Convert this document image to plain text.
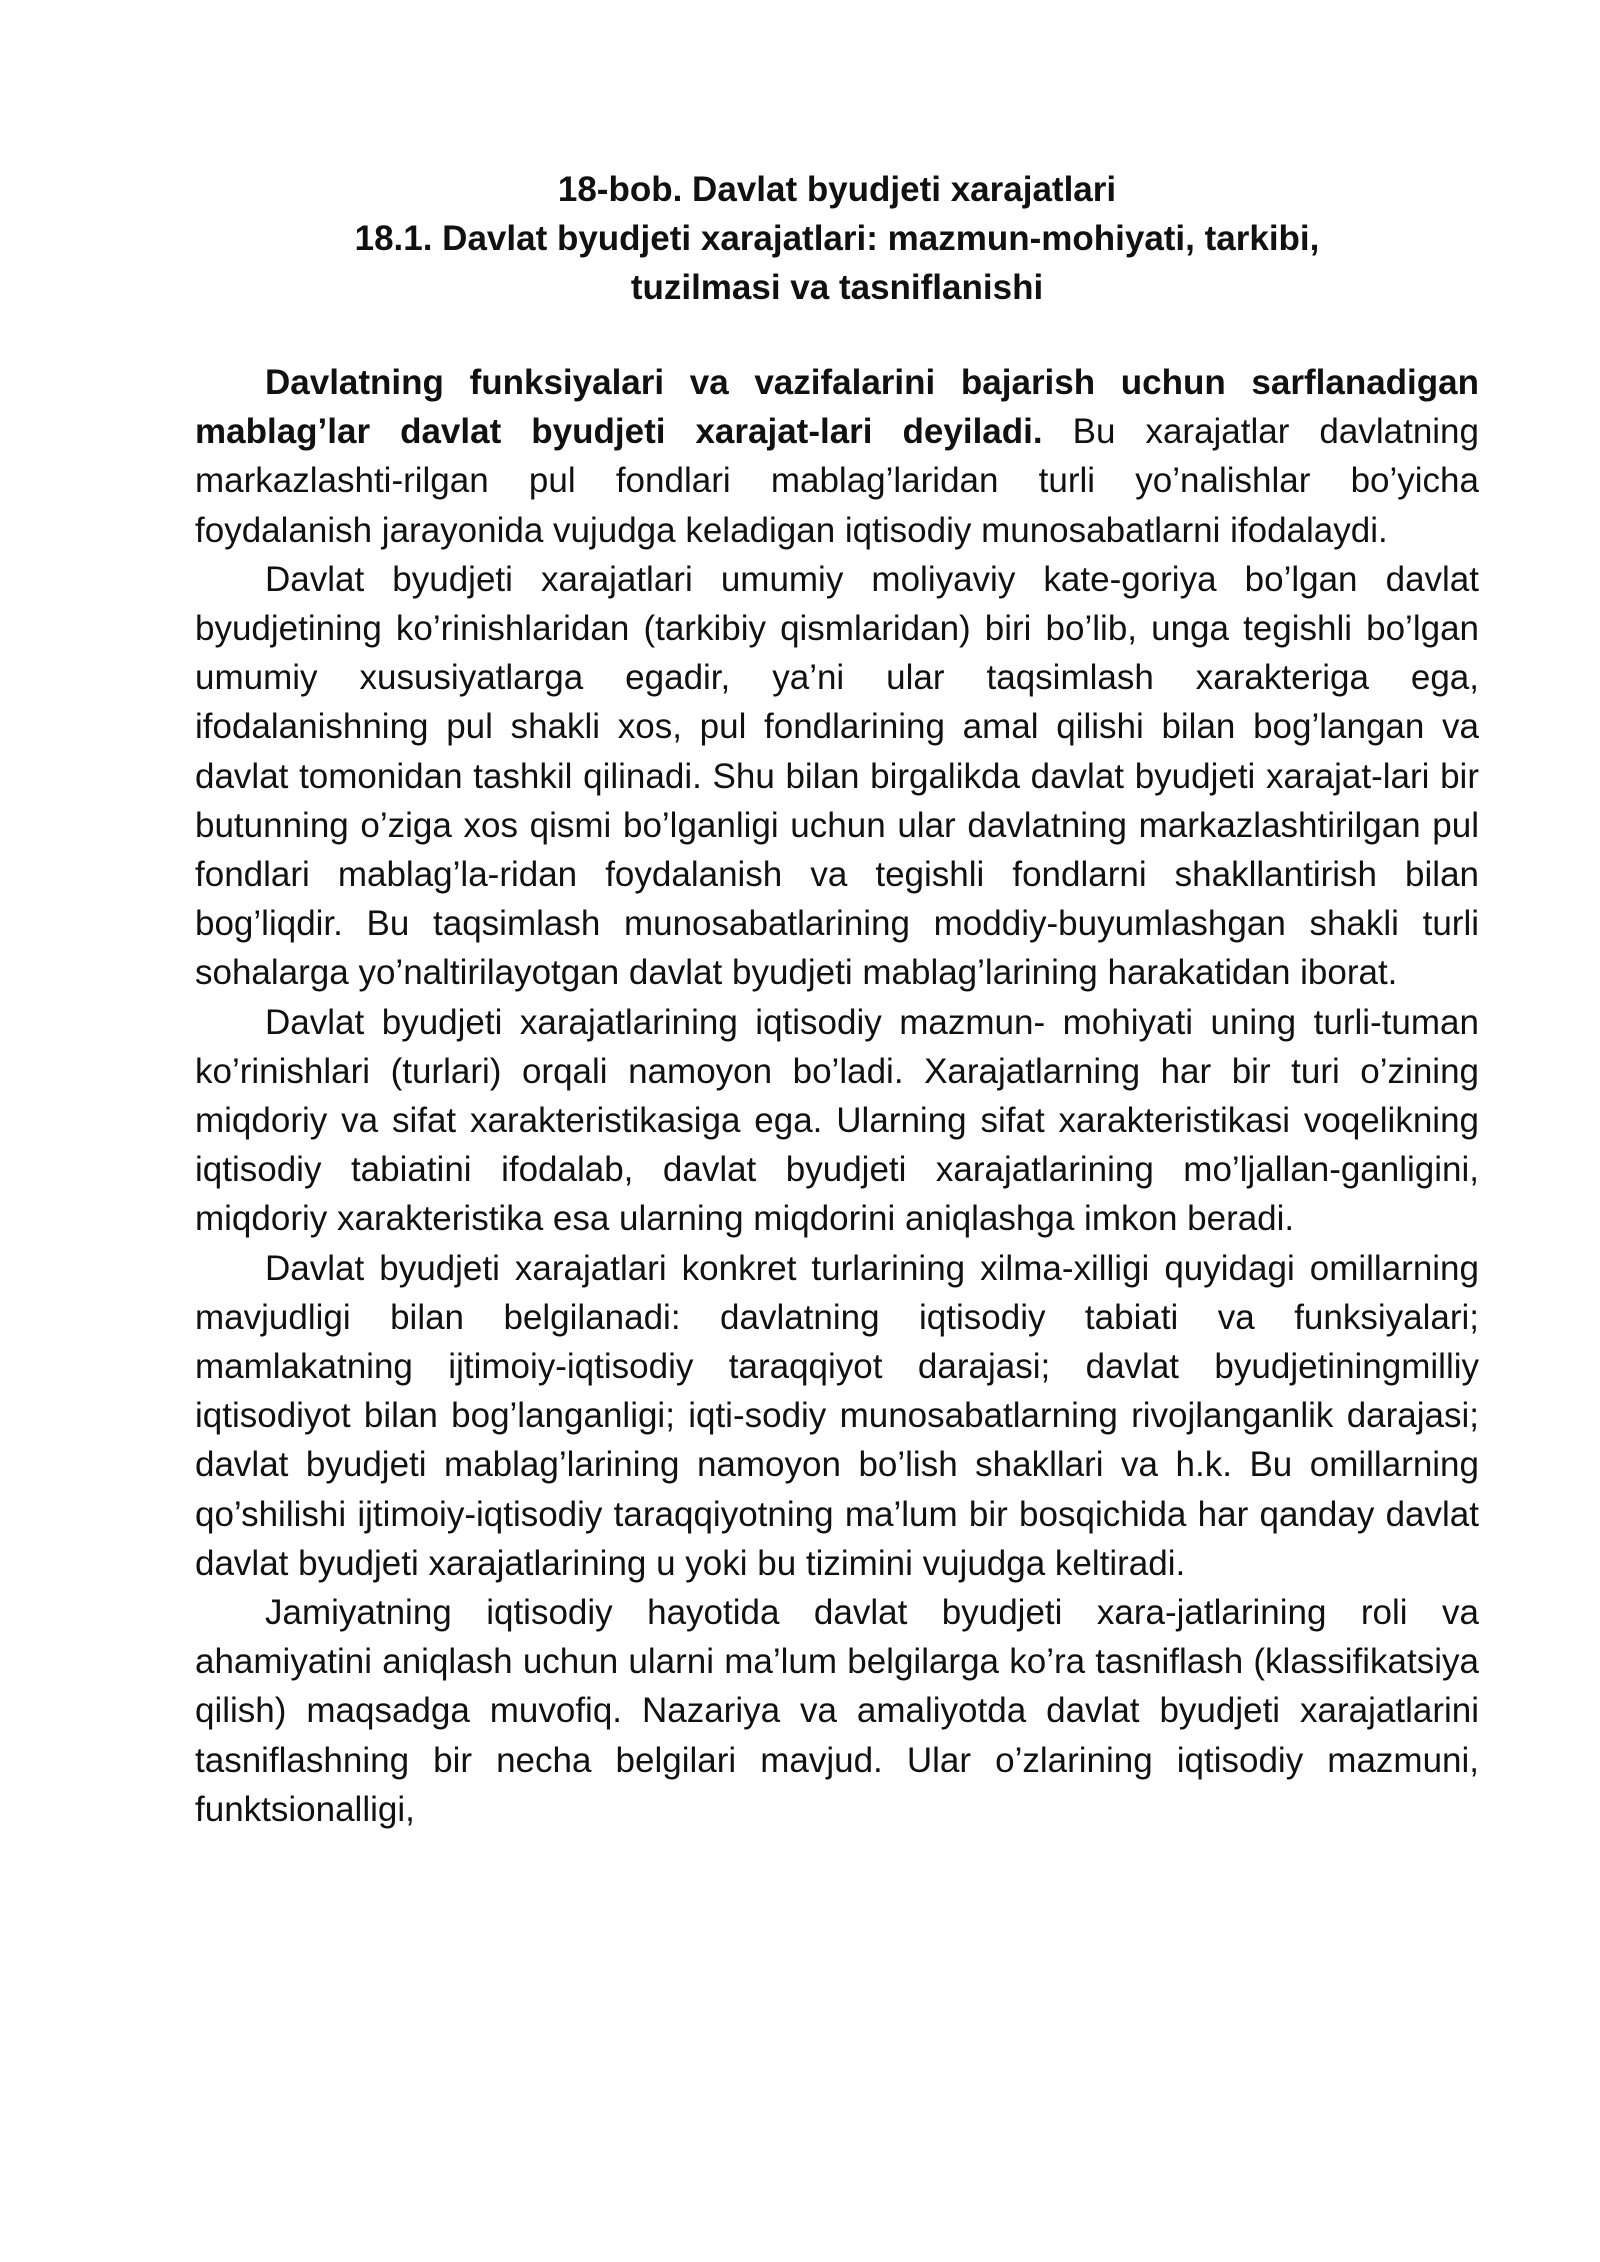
18-bob. Davlat byudjeti xarajatlari
18.1. Davlat byudjeti xarajatlari: mazmun-mohiyati, tarkibi,
tuzilmasi va tasniflanishi

Davlatning funksiyalari va vazifalarini bajarish uchun sarflanadigan mablag’lar davlat byudjeti xarajat-lari deyiladi. Bu xarajatlar davlatning markazlashti-rilgan pul fondlari mablag’laridan turli yo’nalishlar bo’yicha foydalanish jarayonida vujudga keladigan iqtisodiy munosabatlarni ifodalaydi.

Davlat byudjeti xarajatlari umumiy moliyaviy kate-goriya bo’lgan davlat byudjetining ko’rinishlaridan (tarkibiy qismlaridan) biri bo’lib, unga tegishli bo’lgan umumiy xususiyatlarga egadir, ya’ni ular taqsimlash xarakteriga ega, ifodalanishning pul shakli xos, pul fondlarining amal qilishi bilan bog’langan va davlat tomonidan tashkil qilinadi. Shu bilan birgalikda davlat byudjeti xarajat-lari bir butunning o’ziga xos qismi bo’lganligi uchun ular davlatning markazlashtirilgan pul fondlari mablag’la-ridan foydalanish va tegishli fondlarni shakllantirish bilan bog’liqdir. Bu taqsimlash munosabatlarining moddiy-buyumlashgan shakli turli sohalarga yo’naltirilayotgan davlat byudjeti mablag’larining harakatidan iborat.

Davlat byudjeti xarajatlarining iqtisodiy mazmun- mohiyati uning turli-tuman ko’rinishlari (turlari) orqali namoyon bo’ladi. Xarajatlarning har bir turi o’zining miqdoriy va sifat xarakteristikasiga ega. Ularning sifat xarakteristikasi voqelikning iqtisodiy tabiatini ifodalab, davlat byudjeti xarajatlarining mo’ljallan-ganligini, miqdoriy xarakteristika esa ularning miqdorini aniqlashga imkon beradi.

Davlat byudjeti xarajatlari konkret turlarining xilma-xilligi quyidagi omillarning mavjudligi bilan belgilanadi: davlatning iqtisodiy tabiati va funksiyalari; mamlakatning ijtimoiy-iqtisodiy taraqqiyot darajasi; davlat byudjetiningmilliy iqtisodiyot bilan bog’langanligi; iqti-sodiy munosabatlarning rivojlanganlik darajasi; davlat byudjeti mablag’larining namoyon bo’lish shakllari va h.k. Bu omillarning qo’shilishi ijtimoiy-iqtisodiy taraqqiyotning ma’lum bir bosqichida har qanday davlat davlat byudjeti xarajatlarining u yoki bu tizimini vujudga keltiradi.

Jamiyatning iqtisodiy hayotida davlat byudjeti xara-jatlarining roli va ahamiyatini aniqlash uchun ularni ma’lum belgilarga ko’ra tasniflash (klassifikatsiya qilish) maqsadga muvofiq. Nazariya va amaliyotda davlat byudjeti xarajatlarini tasniflashning bir necha belgilari mavjud. Ular o’zlarining iqtisodiy mazmuni, funktsionalligi,
